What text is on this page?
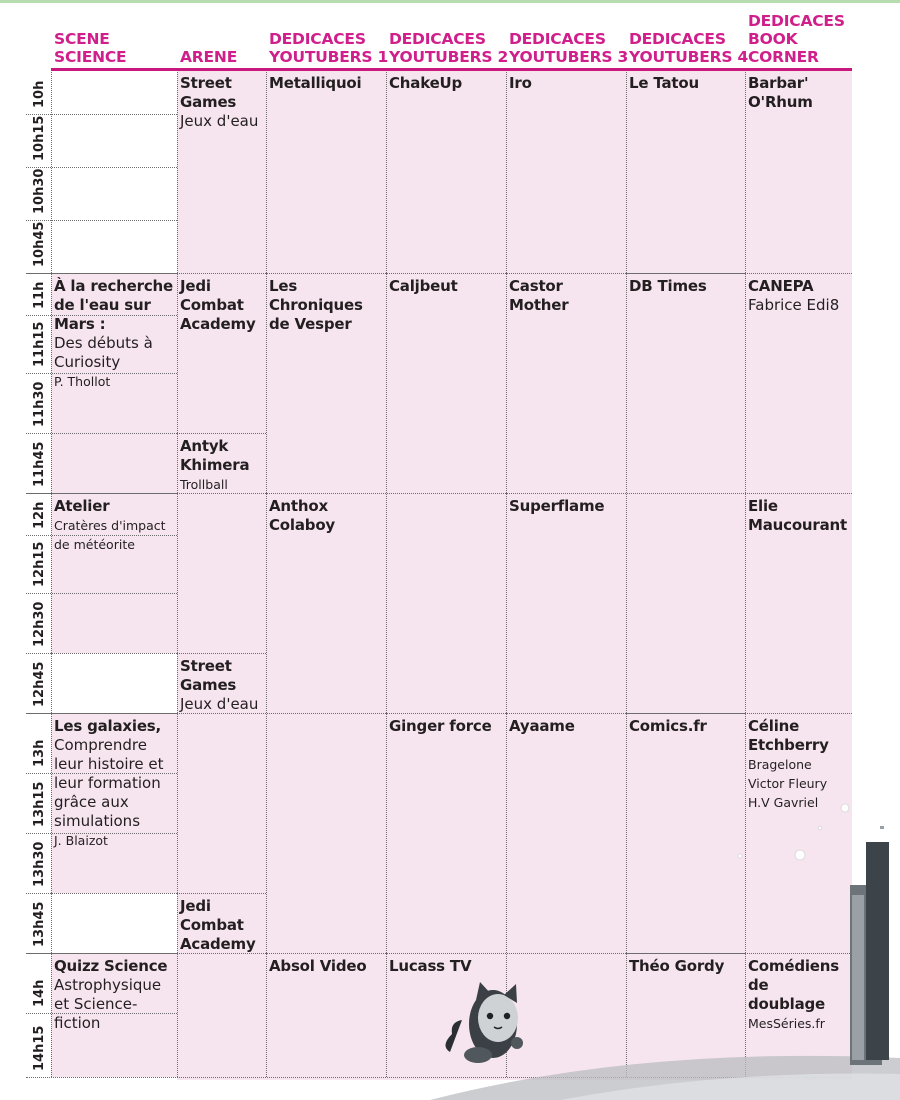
SCENE
SCIENCE	ARENE
DEDICACES
YOUTUBERS 1
DEDICACES
YOUTUBERS 2
DEDICACES
YOUTUBERS 3
DEDICACES
YOUTUBERS 4
DEDICACES
BOOK
CORNER
10h
10h15
10h30
10h45
11h
11h15
11h30
11h45
12h
12h15
12h30
12h45
13h
13h15
13h30
13h45
14h
14h15
À la recherche de l'eau sur Mars :
Des débuts à Curiosity
P. Thollot
Atelier
Cratères d'impact
de météorite
Les galaxies,
Comprendre leur histoire et leur formation grâce aux simulations
J. Blaizot
Quizz Science
Astrophysique et Science-fiction
Street Games
Jeux d'eau
Jedi Combat Academy
Antyk Khimera
Trollball
Street Games
Jeux d'eau
Jedi Combat Academy
Metalliquoi
Les Chroniques de Vesper
Anthox Colaboy
Absol Video
ChakeUp
Caljbeut
Ginger force
Lucass TV
Iro
Castor Mother
Superflame
Ayaame
Le Tatou
DB Times
Comics.fr
Théo Gordy
Barbar' O'Rhum
CANEPA
Fabrice Edi8
Elie Maucourant
Céline Etchberry
Bragelone
Victor Fleury
H.V Gavriel
Comédiens de doublage
MesSéries.fr
